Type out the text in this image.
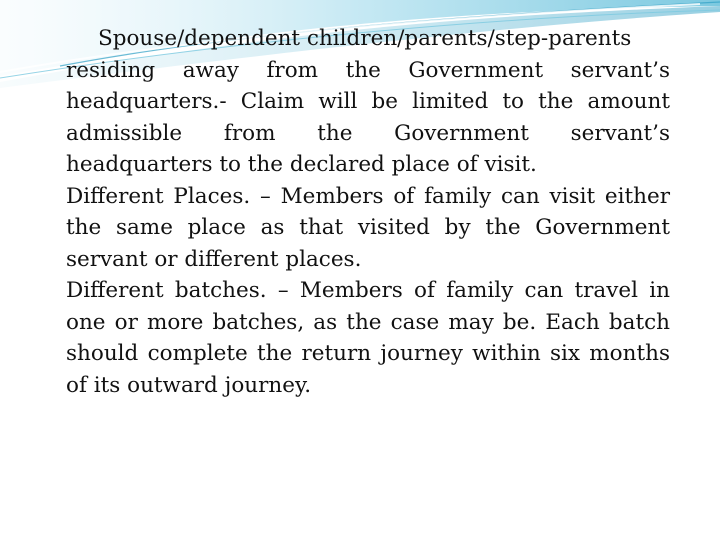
Spouse/dependent children/parents/step-parents
residing away from the Government servant’s headquarters.- Claim will be limited to the amount admissible from the Government servant’s headquarters to the declared place of visit.

Different Places. – Members of family can visit either the same place as that visited by the Government servant or different places.

Different batches. – Members of family can travel in one or more batches, as the case may be. Each batch should complete the return journey within six months of its outward journey.
